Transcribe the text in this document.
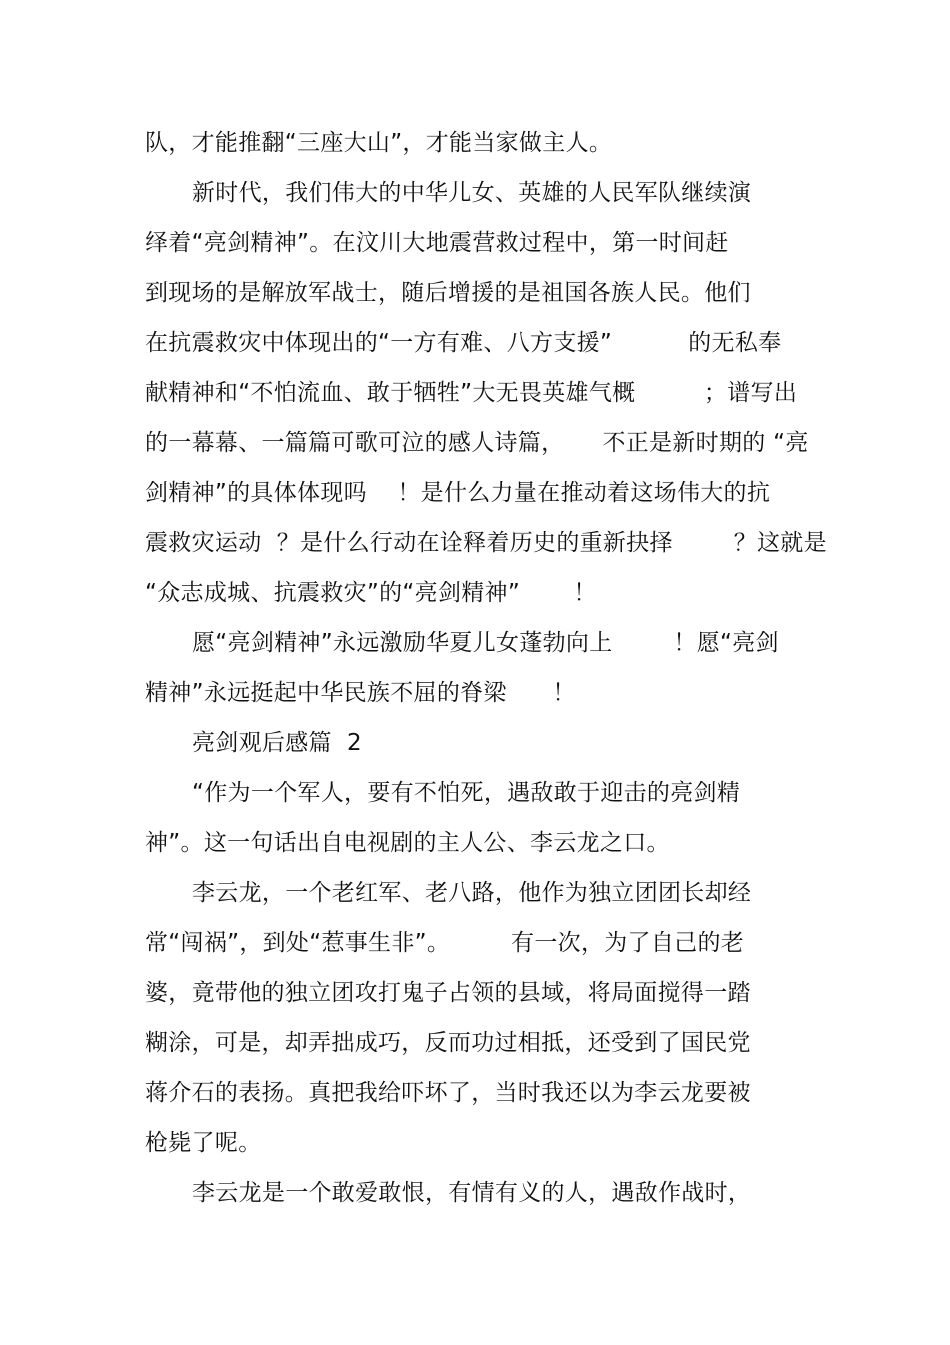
队，才能推翻“三座大山”，才能当家做主人。
新时代，我们伟大的中华儿女、英雄的人民军队继续演
绎着“亮剑精神”。在汶川大地震营救过程中，第一时间赶
到现场的是解放军战士，随后增援的是祖国各族人民。他们
在抗震救灾中体现出的“一方有难、八方支援”          的无私奉
献精神和“不怕流血、敢于牺牲”大无畏英雄气概         ；谱写出
的一幕幕、一篇篇可歌可泣的感人诗篇，     不正是新时期的 “亮
剑精神”的具体体现吗    ！是什么力量在推动着这场伟大的抗
震救灾运动  ？是什么行动在诠释着历史的重新抉择        ？这就是
“众志成城、抗震救灾”的“亮剑精神”       ！
愿“亮剑精神”永远激励华夏儿女蓬勃向上        ！愿“亮剑
精神”永远挺起中华民族不屈的脊梁      ！
亮剑观后感篇  2
“作为一个军人，要有不怕死，遇敌敢于迎击的亮剑精
神”。这一句话出自电视剧的主人公、李云龙之口。
李云龙，一个老红军、老八路，他作为独立团团长却经
常“闯祸”，到处“惹事生非”。        有一次，为了自己的老
婆，竟带他的独立团攻打鬼子占领的县域，将局面搅得一踏
糊涂，可是，却弄拙成巧，反而功过相抵，还受到了国民党
蒋介石的表扬。真把我给吓坏了，当时我还以为李云龙要被
枪毙了呢。
李云龙是一个敢爱敢恨，有情有义的人，遇敌作战时，
